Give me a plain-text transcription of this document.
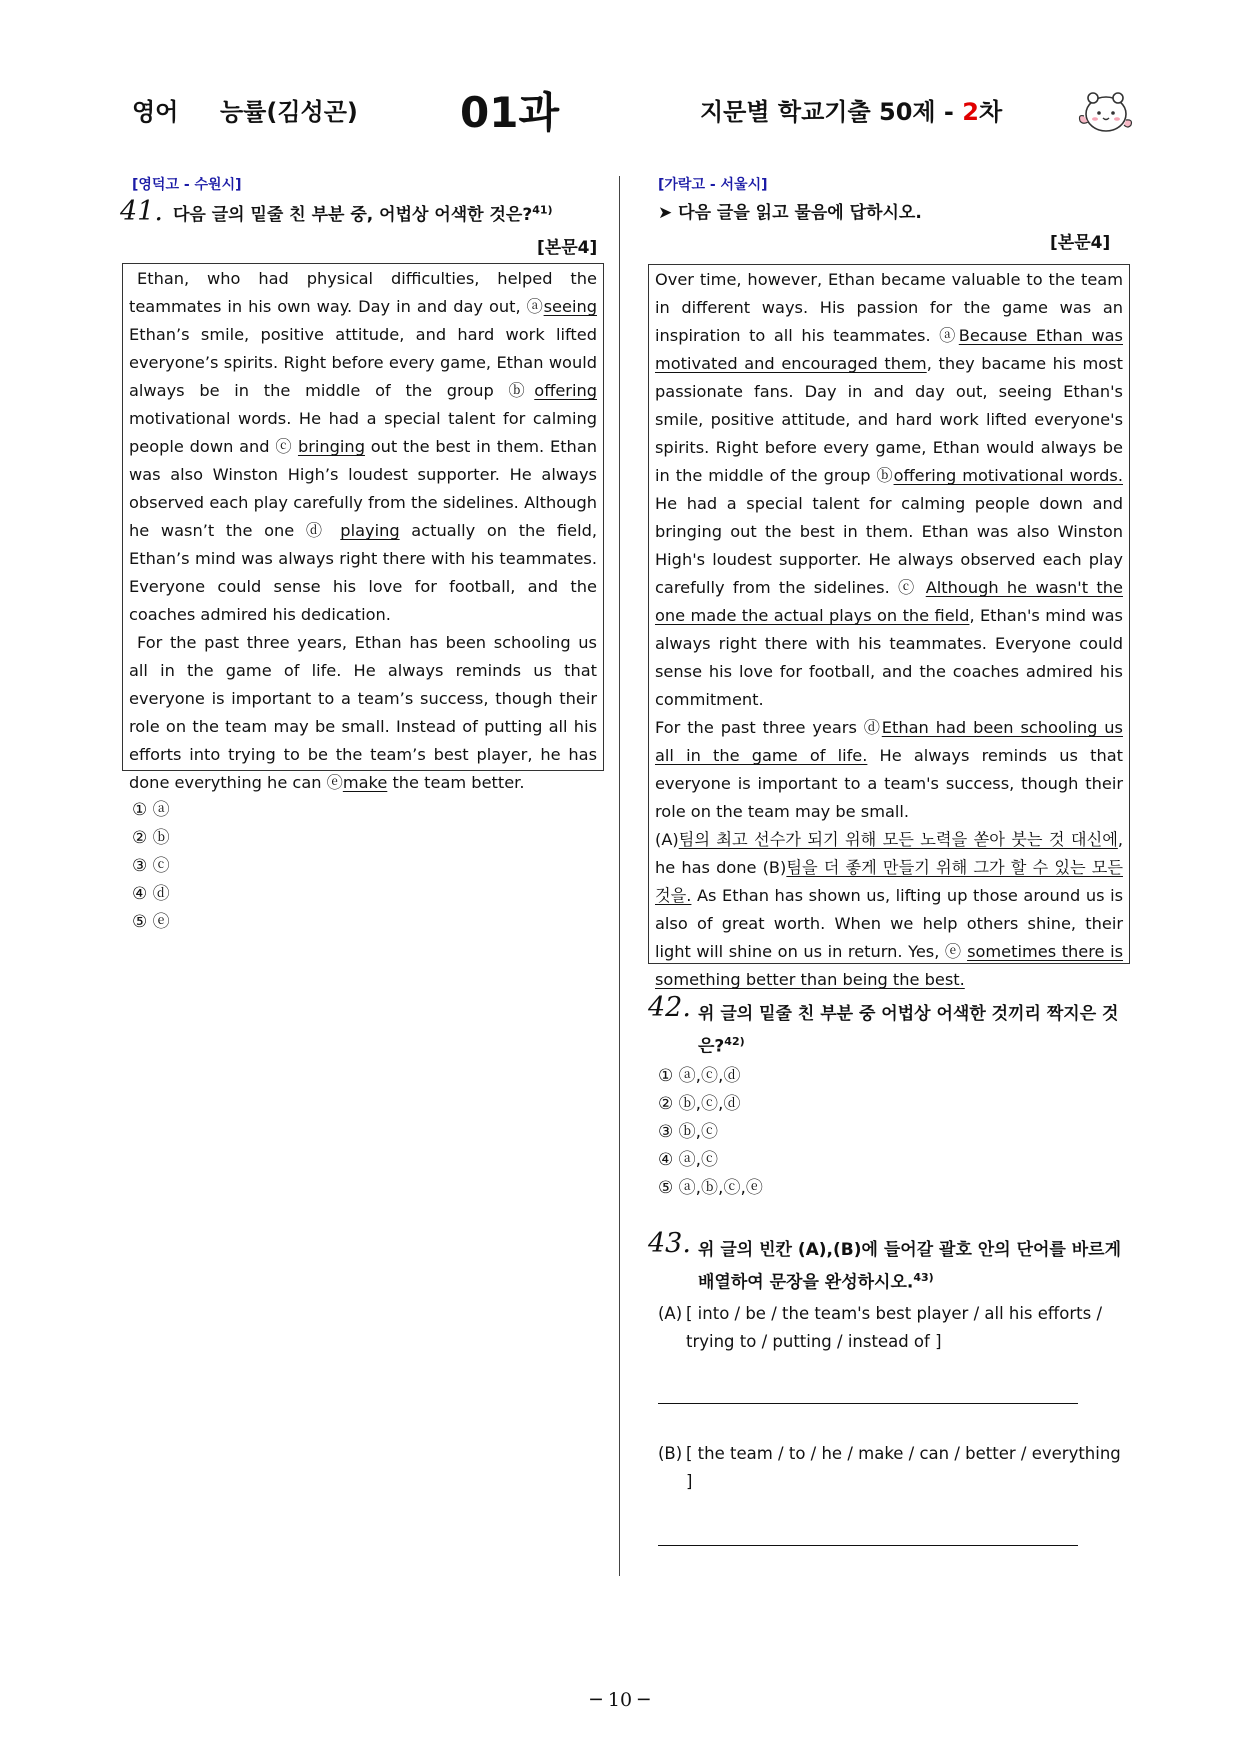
영어 능률(김성곤) 01과	지문별 학교기출 50제 - 2차
[영덕고 - 수원시]
41. 다음 글의 밑줄 친 부분 중, 어법상 어색한 것은?$^{41)}$
[본문4]

Ethan, who had physical difficulties, helped the teammates in his own way. Day in and day out, ⓐseeing Ethan’s smile, positive attitude, and hard work lifted everyone’s spirits. Right before every game, Ethan would always be in the middle of the group ⓑoffering motivational words. He had a special talent for calming people down and ⓒ bringing out the best in them. Ethan was also Winston High’s loudest supporter. He always observed each play carefully from the sidelines. Although he wasn’t the one ⓓ playing actually on the field, Ethan’s mind was always right there with his teammates. Everyone could sense his love for football, and the coaches admired his dedication.

For the past three years, Ethan has been schooling us all in the game of life. He always reminds us that everyone is important to a team’s success, though their role on the team may be small. Instead of putting all his efforts into trying to be the team’s best player, he has done everything he can ⓔmake the team better.

① ⓐ
② ⓑ
③ ⓒ
④ ⓓ
⑤ ⓔ
[가락고 - 서울시]
➤ 다음 글을 읽고 물음에 답하시오.
[본문4]

Over time, however, Ethan became valuable to the team in different ways. His passion for the game was an inspiration to all his teammates. ⓐBecause Ethan was motivated and encouraged them, they bacame his most passionate fans. Day in and day out, seeing Ethan's smile, positive attitude, and hard work lifted everyone's spirits. Right before every game, Ethan would always be in the middle of the group ⓑoffering motivational words. He had a special talent for calming people down and bringing out the best in them. Ethan was also Winston High's loudest supporter. He always observed each play carefully from the sidelines. ⓒ Although he wasn't the one made the actual plays on the field, Ethan's mind was always right there with his teammates. Everyone could sense his love for football, and the coaches admired his commitment.

For the past three years ⓓEthan had been schooling us all in the game of life. He always reminds us that everyone is important to a team's success, though their role on the team may be small.

(A)팀의 최고 선수가 되기 위해 모든 노력을 쏟아 붓는 것 대신에, he has done (B)팀을 더 좋게 만들기 위해 그가 할 수 있는 모든 것을. As Ethan has shown us, lifting up those around us is also of great worth. When we help others shine, their light will shine on us in return. Yes, ⓔ sometimes there is something better than being the best.

42. 위 글의 밑줄 친 부분 중 어법상 어색한 것끼리 짝지은 것은?$^{42)}$
① ⓐ,ⓒ,ⓓ
② ⓑ,ⓒ,ⓓ
③ ⓑ,ⓒ
④ ⓐ,ⓒ
⑤ ⓐ,ⓑ,ⓒ,ⓔ
43. 위 글의 빈칸 (A),(B)에 들어갈 괄호 안의 단어를 바르게 배열하여 문장을 완성하시오.$^{43)}$
(A) [ into / be / the team's best player / all his efforts / trying to / putting / instead of ]
(B) [ the team / to / he / make / can / better / everything ]
─ 10 ─
